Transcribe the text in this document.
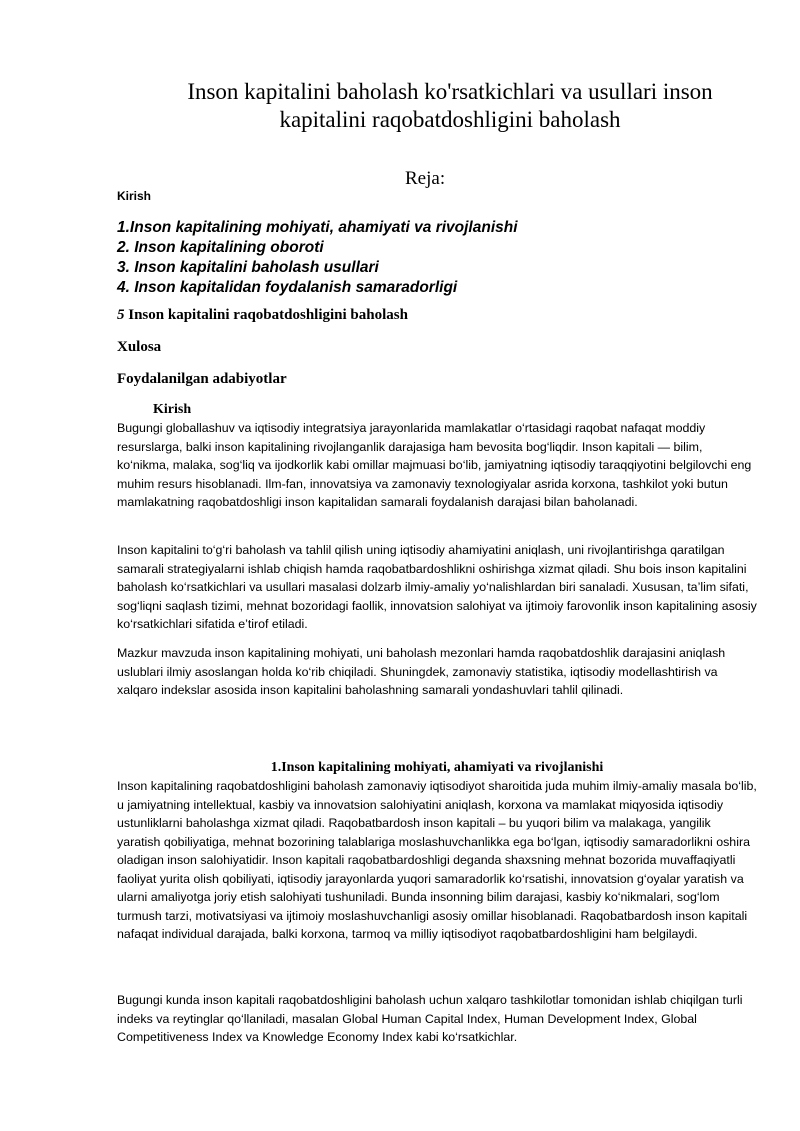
Inson kapitalini baholash ko'rsatkichlari va usullari inson kapitalini raqobatdoshligini baholash
Reja:
Kirish
1.Inson kapitalining mohiyati, ahamiyati va rivojlanishi
2. Inson kapitalining oboroti
3. Inson kapitalini baholash usullari
4. Inson kapitalidan foydalanish samaradorligi
5 Inson kapitalini raqobatdoshligini baholash
Xulosa
Foydalanilgan adabiyotlar
Kirish

Bugungi globallashuv va iqtisodiy integratsiya jarayonlarida mamlakatlar o‘rtasidagi raqobat nafaqat moddiy resurslarga, balki inson kapitalining rivojlanganlik darajasiga ham bevosita bog‘liqdir. Inson kapitali — bilim, ko‘nikma, malaka, sog‘liq va ijodkorlik kabi omillar majmuasi bo‘lib, jamiyatning iqtisodiy taraqqiyotini belgilovchi eng muhim resurs hisoblanadi. Ilm-fan, innovatsiya va zamonaviy texnologiyalar asrida korxona, tashkilot yoki butun mamlakatning raqobatdoshligi inson kapitalidan samarali foydalanish darajasi bilan baholanadi.

Inson kapitalini to‘g‘ri baholash va tahlil qilish uning iqtisodiy ahamiyatini aniqlash, uni rivojlantirishga qaratilgan samarali strategiyalarni ishlab chiqish hamda raqobatbardoshlikni oshirishga xizmat qiladi. Shu bois inson kapitalini baholash ko‘rsatkichlari va usullari masalasi dolzarb ilmiy-amaliy yo‘nalishlardan biri sanaladi. Xususan, ta’lim sifati, sog‘liqni saqlash tizimi, mehnat bozoridagi faollik, innovatsion salohiyat va ijtimoiy farovonlik inson kapitalining asosiy ko‘rsatkichlari sifatida e’tirof etiladi.

Mazkur mavzuda inson kapitalining mohiyati, uni baholash mezonlari hamda raqobatdoshlik darajasini aniqlash uslublari ilmiy asoslangan holda ko‘rib chiqiladi. Shuningdek, zamonaviy statistika, iqtisodiy modellashtirish va xalqaro indekslar asosida inson kapitalini baholashning samarali yondashuvlari tahlil qilinadi.

1.Inson kapitalining mohiyati, ahamiyati va rivojlanishi

Inson kapitalining raqobatdoshligini baholash zamonaviy iqtisodiyot sharoitida juda muhim ilmiy-amaliy masala bo‘lib, u jamiyatning intellektual, kasbiy va innovatsion salohiyatini aniqlash, korxona va mamlakat miqyosida iqtisodiy ustunliklarni baholashga xizmat qiladi. Raqobatbardosh inson kapitali – bu yuqori bilim va malakaga, yangilik yaratish qobiliyatiga, mehnat bozorining talablariga moslashuvchanlikka ega bo‘lgan, iqtisodiy samaradorlikni oshira oladigan inson salohiyatidir. Inson kapitali raqobatbardoshligi deganda shaxsning mehnat bozorida muvaffaqiyatli faoliyat yurita olish qobiliyati, iqtisodiy jarayonlarda yuqori samaradorlik ko‘rsatishi, innovatsion g‘oyalar yaratish va ularni amaliyotga joriy etish salohiyati tushuniladi. Bunda insonning bilim darajasi, kasbiy ko‘nikmalari, sog‘lom turmush tarzi, motivatsiyasi va ijtimoiy moslashuvchanligi asosiy omillar hisoblanadi. Raqobatbardosh inson kapitali nafaqat individual darajada, balki korxona, tarmoq va milliy iqtisodiyot raqobatbardoshligini ham belgilaydi.

Bugungi kunda inson kapitali raqobatdoshligini baholash uchun xalqaro tashkilotlar tomonidan ishlab chiqilgan turli indeks va reytinglar qo‘llaniladi, masalan Global Human Capital Index, Human Development Index, Global Competitiveness Index va Knowledge Economy Index kabi ko‘rsatkichlar.
